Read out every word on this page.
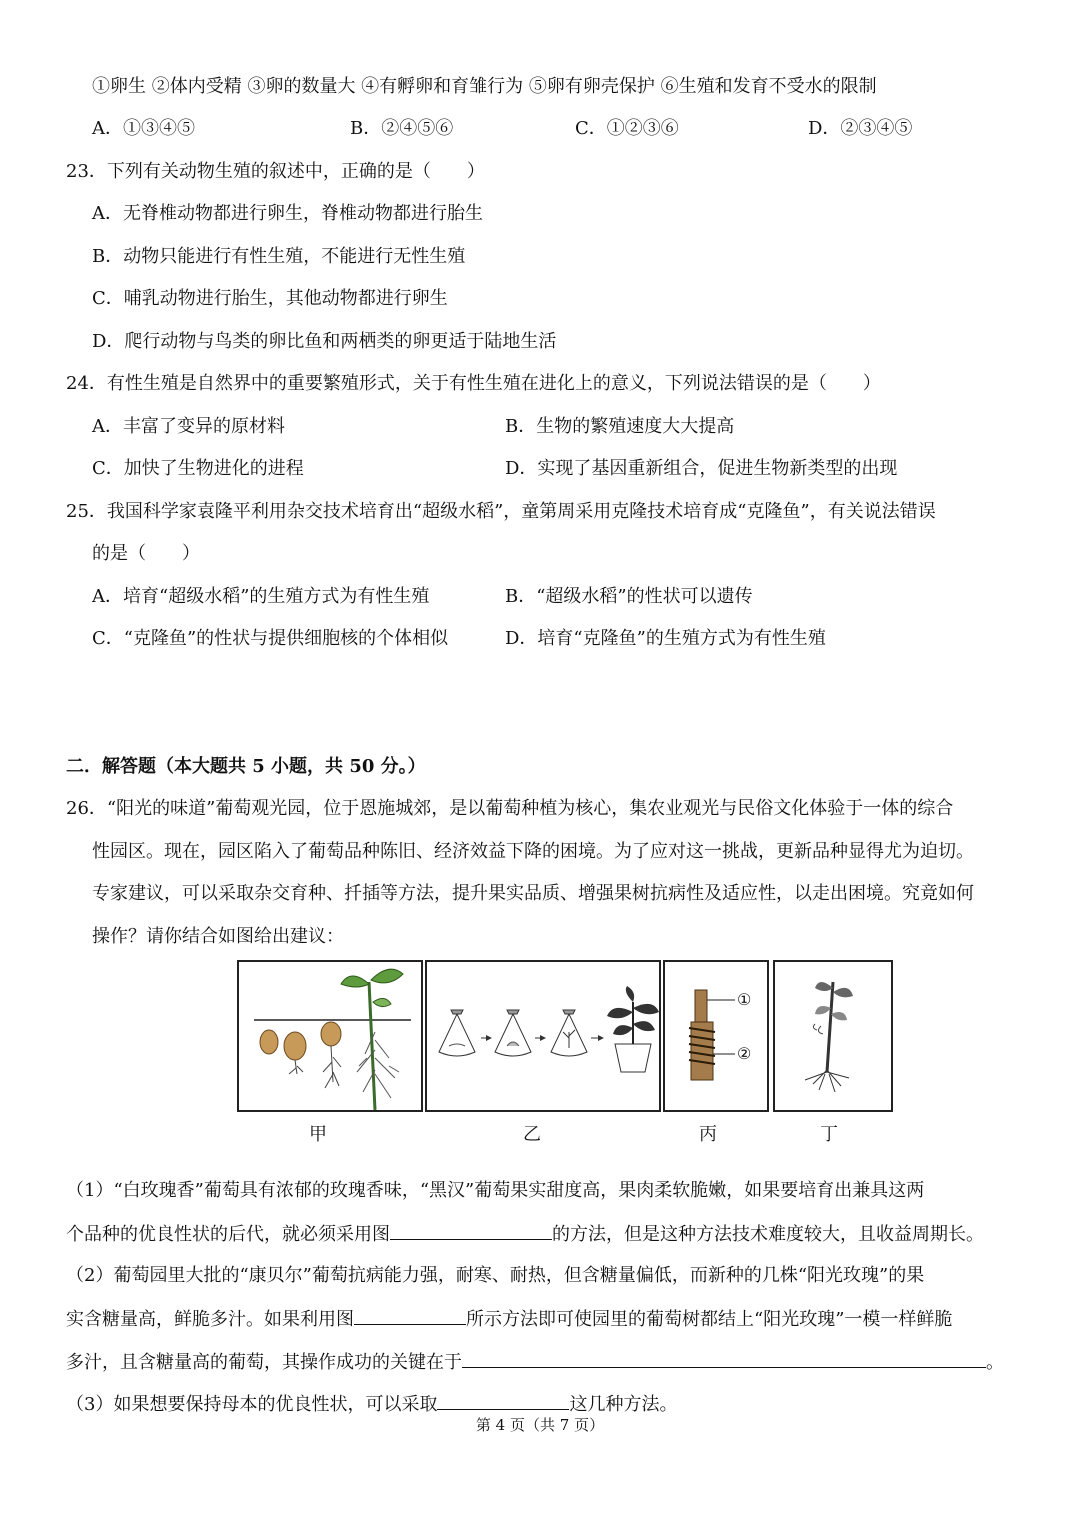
①卵生 ②体内受精 ③卵的数量大 ④有孵卵和育雏行为 ⑤卵有卵壳保护 ⑥生殖和发育不受水的限制
A．①③④⑤	B．②④⑤⑥	C．①②③⑥	D．②③④⑤
23．下列有关动物生殖的叙述中，正确的是（　　）
A．无脊椎动物都进行卵生，脊椎动物都进行胎生
B．动物只能进行有性生殖，不能进行无性生殖
C．哺乳动物进行胎生，其他动物都进行卵生
D．爬行动物与鸟类的卵比鱼和两栖类的卵更适于陆地生活
24．有性生殖是自然界中的重要繁殖形式，关于有性生殖在进化上的意义，下列说法错误的是（　　）
A．丰富了变异的原材料	B．生物的繁殖速度大大提高
C．加快了生物进化的进程	D．实现了基因重新组合，促进生物新类型的出现
25．我国科学家袁隆平利用杂交技术培育出“超级水稻”，童第周采用克隆技术培育成“克隆鱼”，有关说法错误
的是（　　）
A．培育“超级水稻”的生殖方式为有性生殖	B．“超级水稻”的性状可以遗传
C．“克隆鱼”的性状与提供细胞核的个体相似	D．培育“克隆鱼”的生殖方式为有性生殖
二．解答题（本大题共 5 小题，共 50 分。）
26．“阳光的味道”葡萄观光园，位于恩施城郊，是以葡萄种植为核心，集农业观光与民俗文化体验于一体的综合
性园区。现在，园区陷入了葡萄品种陈旧、经济效益下降的困境。为了应对这一挑战，更新品种显得尤为迫切。
专家建议，可以采取杂交育种、扦插等方法，提升果实品质、增强果树抗病性及适应性，以走出困境。究竟如何
操作？请你结合如图给出建议：
①
②
甲	乙	丙	丁
（1）“白玫瑰香”葡萄具有浓郁的玫瑰香味，“黑汉”葡萄果实甜度高，果肉柔软脆嫩，如果要培育出兼具这两
个品种的优良性状的后代，就必须采用图	的方法，但是这种方法技术难度较大，且收益周期长。
（2）葡萄园里大批的“康贝尔”葡萄抗病能力强，耐寒、耐热，但含糖量偏低，而新种的几株“阳光玫瑰”的果
实含糖量高，鲜脆多汁。如果利用图	所示方法即可使园里的葡萄树都结上“阳光玫瑰”一模一样鲜脆
多汁，且含糖量高的葡萄，其操作成功的关键在于	。
（3）如果想要保持母本的优良性状，可以采取	这几种方法。
第 4 页（共 7 页）
